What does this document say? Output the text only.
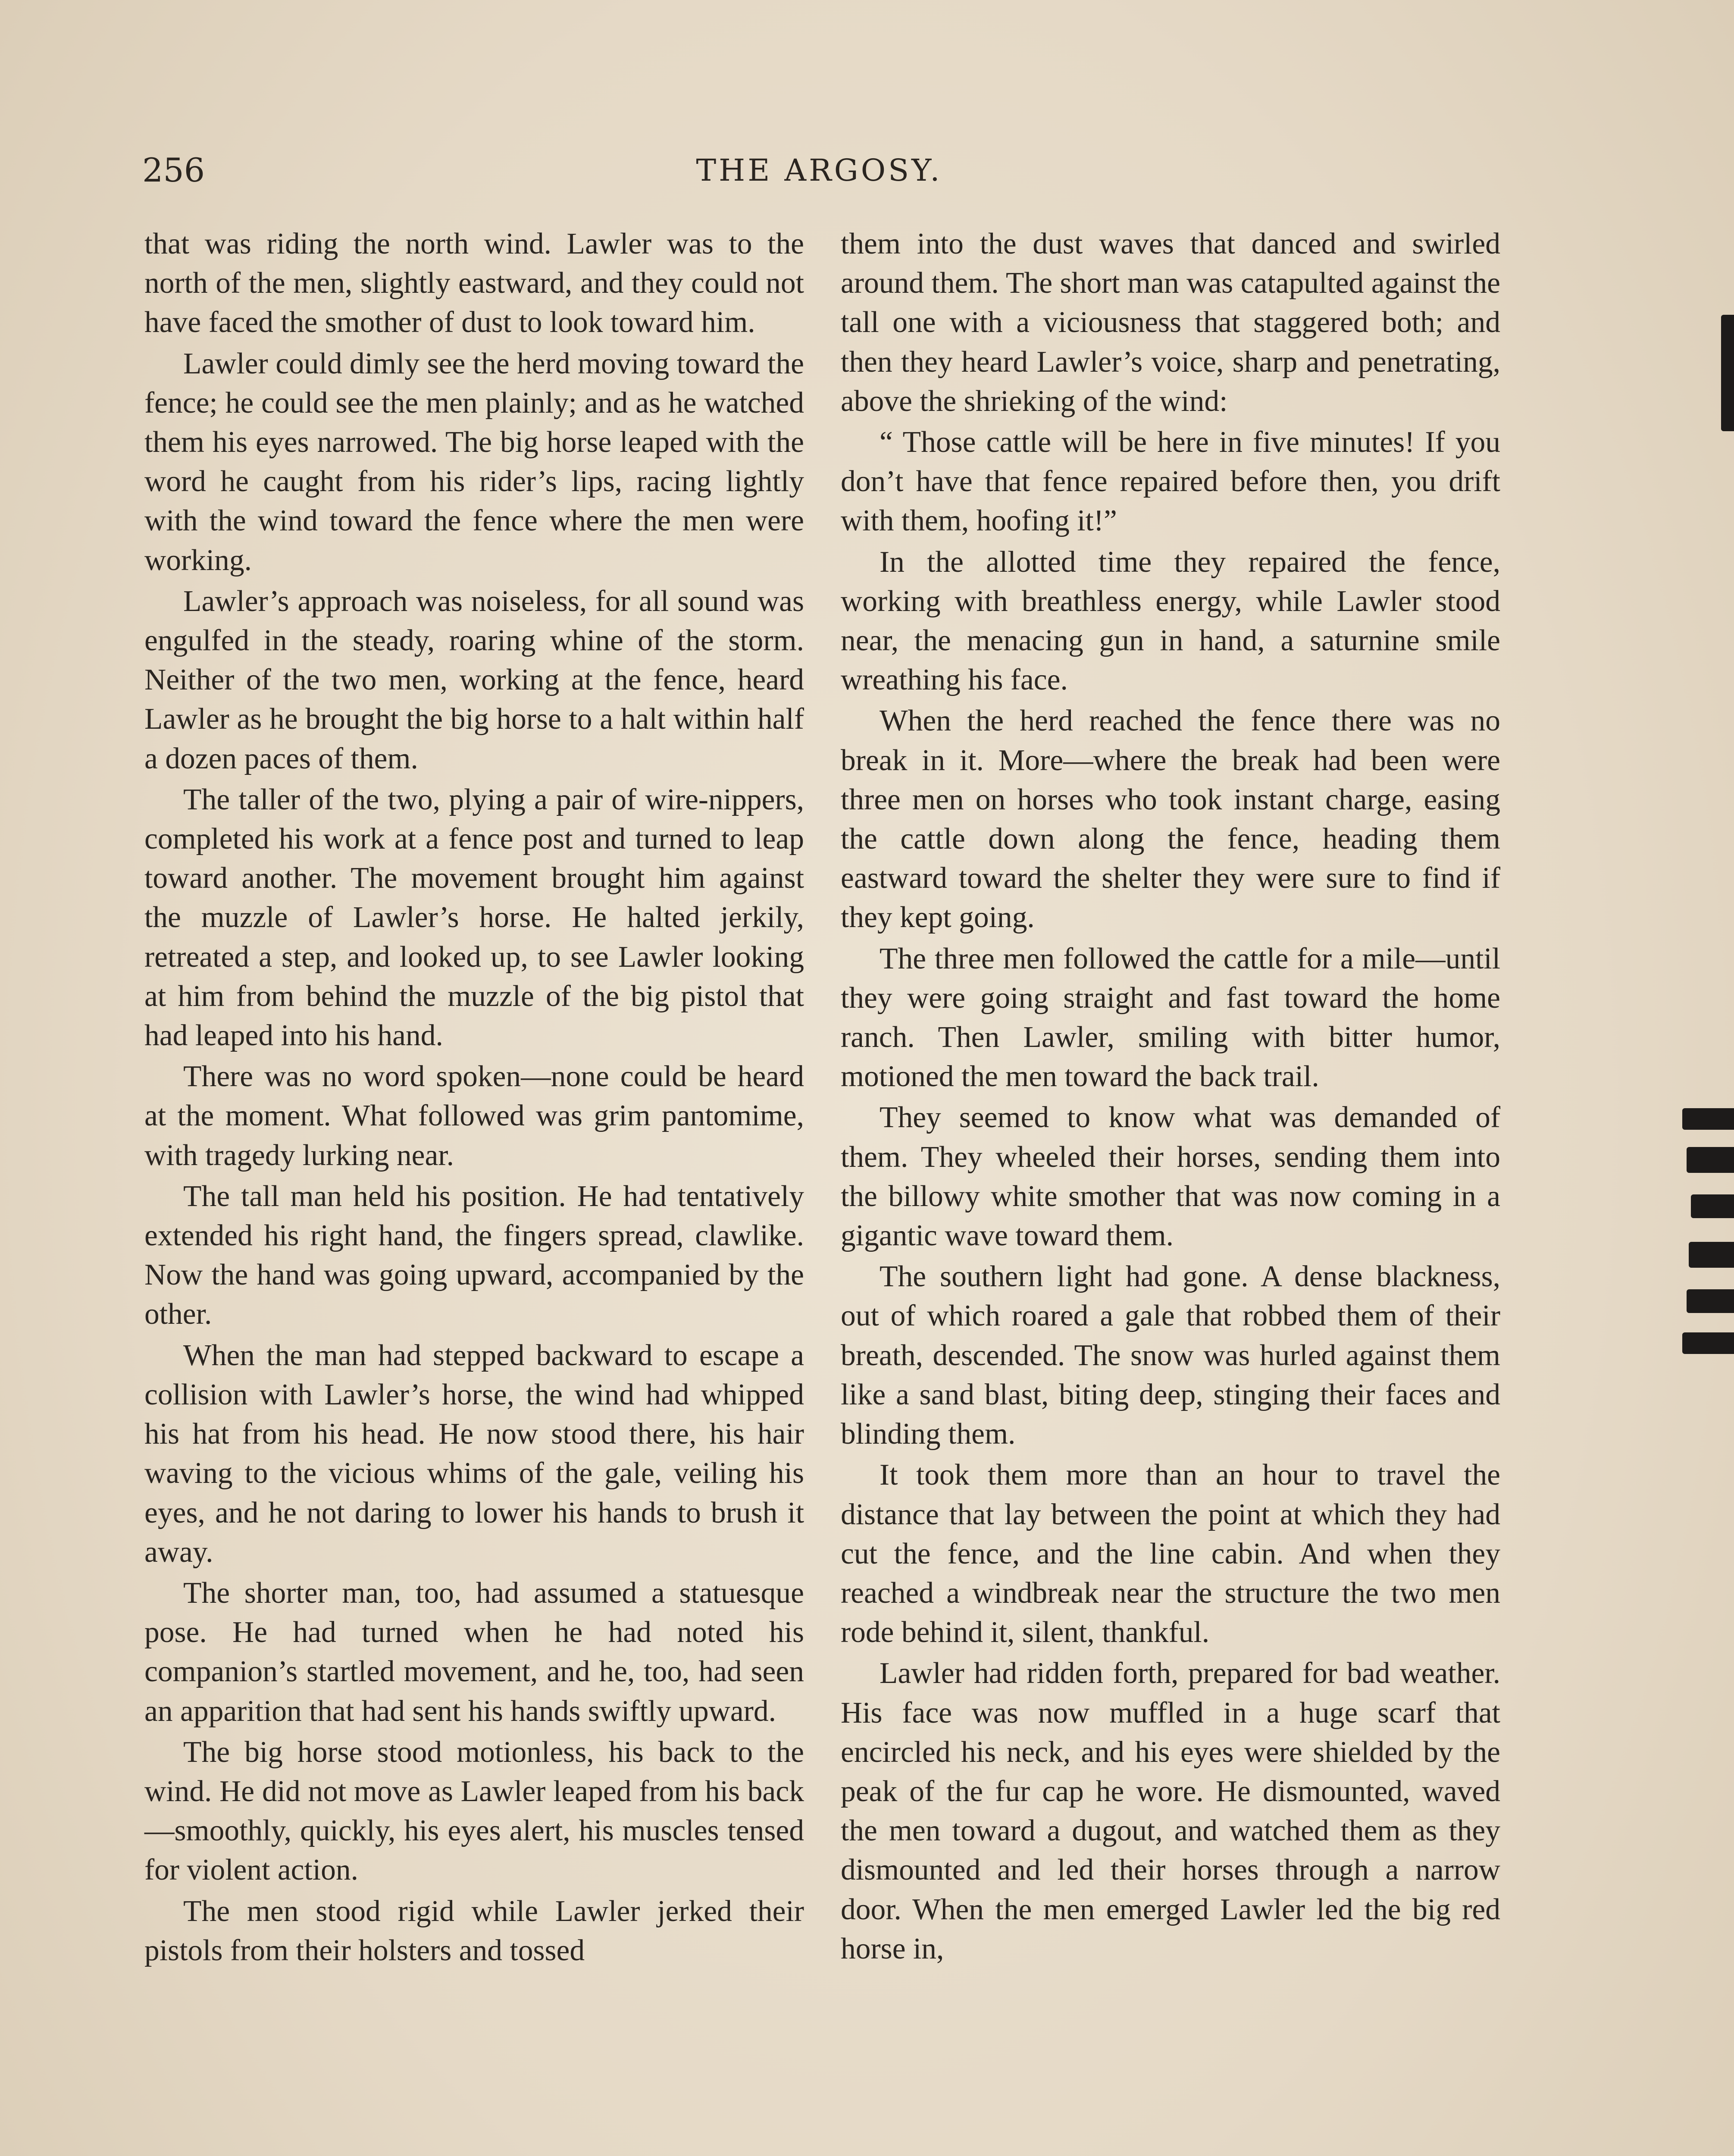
256	THE ARGOSY.

that was riding the north wind. Lawler was to the north of the men, slightly eastward, and they could not have faced the smother of dust to look toward him.

Lawler could dimly see the herd moving toward the fence; he could see the men plainly; and as he watched them his eyes narrowed. The big horse leaped with the word he caught from his rider’s lips, racing lightly with the wind toward the fence where the men were working.

Lawler’s approach was noiseless, for all sound was engulfed in the steady, roaring whine of the storm. Neither of the two men, working at the fence, heard Lawler as he brought the big horse to a halt within half a dozen paces of them.

The taller of the two, plying a pair of wire-nippers, completed his work at a fence post and turned to leap toward another. The movement brought him against the muzzle of Lawler’s horse. He halted jerkily, retreated a step, and looked up, to see Lawler looking at him from behind the muzzle of the big pistol that had leaped into his hand.

There was no word spoken—none could be heard at the moment. What followed was grim pantomime, with tragedy lurking near.

The tall man held his position. He had tentatively extended his right hand, the fingers spread, clawlike. Now the hand was going upward, accompanied by the other.

When the man had stepped backward to escape a collision with Lawler’s horse, the wind had whipped his hat from his head. He now stood there, his hair waving to the vicious whims of the gale, veiling his eyes, and he not daring to lower his hands to brush it away.

The shorter man, too, had assumed a statuesque pose. He had turned when he had noted his companion’s startled movement, and he, too, had seen an apparition that had sent his hands swiftly upward.

The big horse stood motionless, his back to the wind. He did not move as Lawler leaped from his back—smoothly, quickly, his eyes alert, his muscles tensed for violent action.

The men stood rigid while Lawler jerked their pistols from their holsters and tossed

them into the dust waves that danced and swirled around them. The short man was catapulted against the tall one with a viciousness that staggered both; and then they heard Lawler’s voice, sharp and penetrating, above the shrieking of the wind:

“ Those cattle will be here in five minutes! If you don’t have that fence repaired before then, you drift with them, hoofing it!”

In the allotted time they repaired the fence, working with breathless energy, while Lawler stood near, the menacing gun in hand, a saturnine smile wreathing his face.

When the herd reached the fence there was no break in it. More—where the break had been were three men on horses who took instant charge, easing the cattle down along the fence, heading them eastward toward the shelter they were sure to find if they kept going.

The three men followed the cattle for a mile—until they were going straight and fast toward the home ranch. Then Lawler, smiling with bitter humor, motioned the men toward the back trail.

They seemed to know what was demanded of them. They wheeled their horses, sending them into the billowy white smother that was now coming in a gigantic wave toward them.

The southern light had gone. A dense blackness, out of which roared a gale that robbed them of their breath, descended. The snow was hurled against them like a sand blast, biting deep, stinging their faces and blinding them.

It took them more than an hour to travel the distance that lay between the point at which they had cut the fence, and the line cabin. And when they reached a windbreak near the structure the two men rode behind it, silent, thankful.

Lawler had ridden forth, prepared for bad weather. His face was now muffled in a huge scarf that encircled his neck, and his eyes were shielded by the peak of the fur cap he wore. He dismounted, waved the men toward a dugout, and watched them as they dismounted and led their horses through a narrow door. When the men emerged Lawler led the big red horse in,
